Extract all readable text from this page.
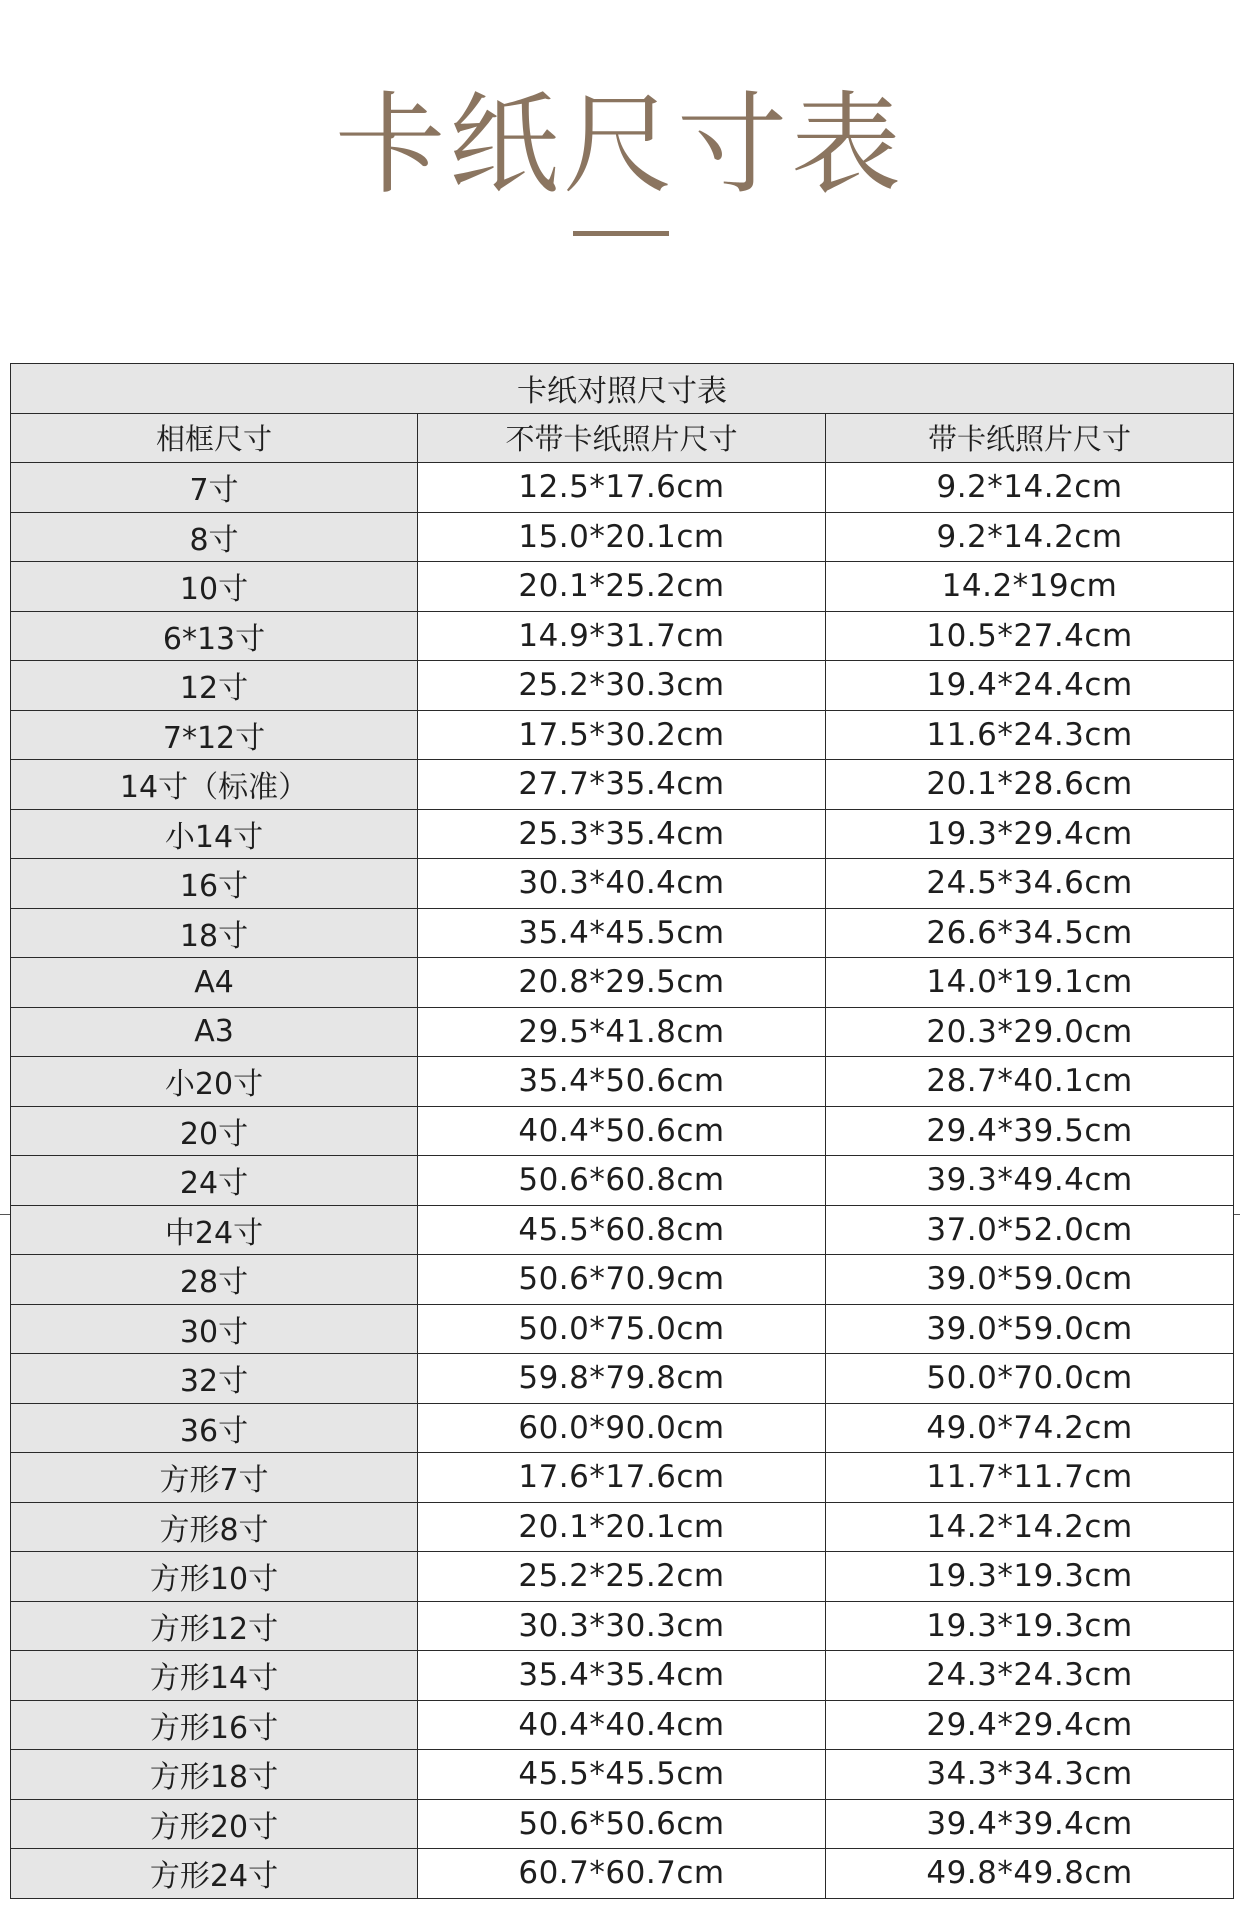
卡纸尺寸表
卡纸对照尺寸表		
相框尺寸	不带卡纸照片尺寸	带卡纸照片尺寸
7寸	12.5*17.6cm	9.2*14.2cm
8寸	15.0*20.1cm	9.2*14.2cm
10寸	20.1*25.2cm	14.2*19cm
6*13寸	14.9*31.7cm	10.5*27.4cm
12寸	25.2*30.3cm	19.4*24.4cm
7*12寸	17.5*30.2cm	11.6*24.3cm
14寸（标准）	27.7*35.4cm	20.1*28.6cm
小14寸	25.3*35.4cm	19.3*29.4cm
16寸	30.3*40.4cm	24.5*34.6cm
18寸	35.4*45.5cm	26.6*34.5cm
A4	20.8*29.5cm	14.0*19.1cm
A3	29.5*41.8cm	20.3*29.0cm
小20寸	35.4*50.6cm	28.7*40.1cm
20寸	40.4*50.6cm	29.4*39.5cm
24寸	50.6*60.8cm	39.3*49.4cm
中24寸	45.5*60.8cm	37.0*52.0cm
28寸	50.6*70.9cm	39.0*59.0cm
30寸	50.0*75.0cm	39.0*59.0cm
32寸	59.8*79.8cm	50.0*70.0cm
36寸	60.0*90.0cm	49.0*74.2cm
方形7寸	17.6*17.6cm	11.7*11.7cm
方形8寸	20.1*20.1cm	14.2*14.2cm
方形10寸	25.2*25.2cm	19.3*19.3cm
方形12寸	30.3*30.3cm	19.3*19.3cm
方形14寸	35.4*35.4cm	24.3*24.3cm
方形16寸	40.4*40.4cm	29.4*29.4cm
方形18寸	45.5*45.5cm	34.3*34.3cm
方形20寸	50.6*50.6cm	39.4*39.4cm
方形24寸	60.7*60.7cm	49.8*49.8cm
